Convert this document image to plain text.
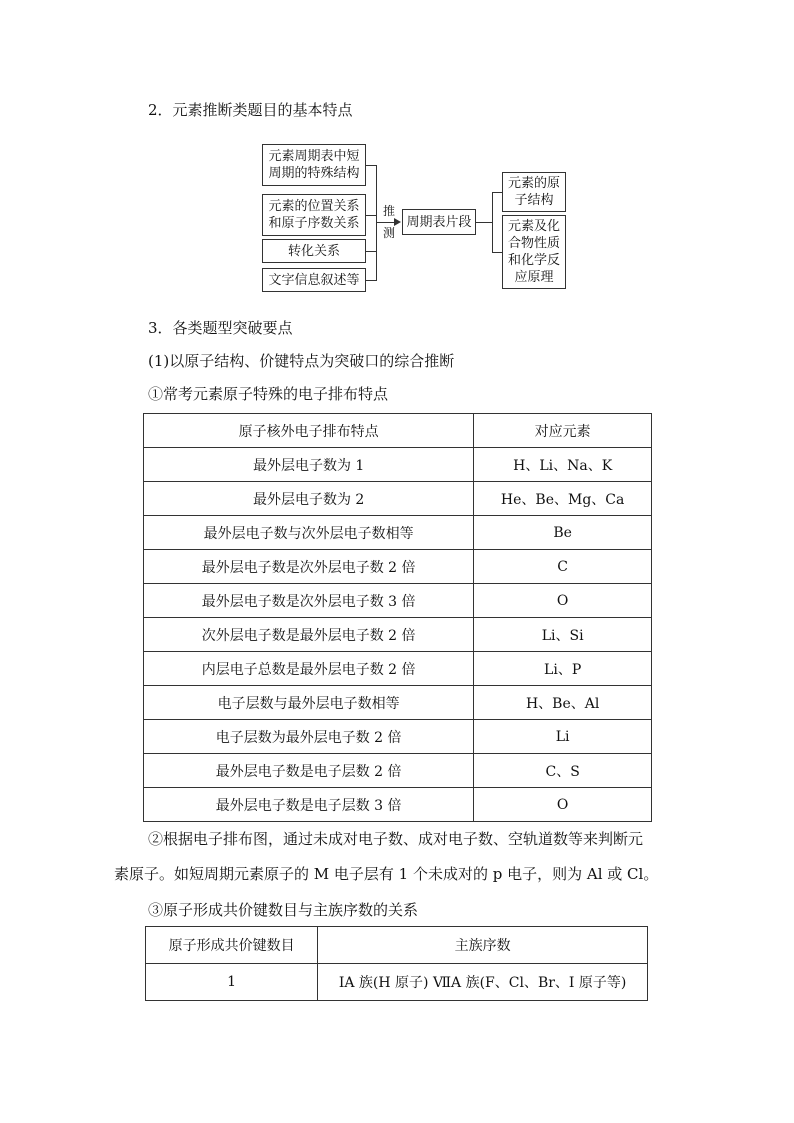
2．元素推断类题目的基本特点
元素周期表中短周期的特殊结构
元素的位置关系和原子序数关系
转化关系
文字信息叙述等
推
测
周期表片段
元素的原子结构
元素及化合物性质和化学反应原理
3．各类题型突破要点
(1)以原子结构、价键特点为突破口的综合推断
①常考元素原子特殊的电子排布特点
原子核外电子排布特点	对应元素
最外层电子数为 1	H、Li、Na、K
最外层电子数为 2	He、Be、Mg、Ca
最外层电子数与次外层电子数相等	Be
最外层电子数是次外层电子数 2 倍	C
最外层电子数是次外层电子数 3 倍	O
次外层电子数是最外层电子数 2 倍	Li、Si
内层电子总数是最外层电子数 2 倍	Li、P
电子层数与最外层电子数相等	H、Be、Al
电子层数为最外层电子数 2 倍	Li
最外层电子数是电子层数 2 倍	C、S
最外层电子数是电子层数 3 倍	O
②根据电子排布图，通过未成对电子数、成对电子数、空轨道数等来判断元
素原子。如短周期元素原子的 M 电子层有 1 个未成对的 p 电子，则为 Al 或 Cl。
③原子形成共价键数目与主族序数的关系
原子形成共价键数目	主族序数
1	ⅠA 族(H 原子) ⅦA 族(F、Cl、Br、I 原子等)
